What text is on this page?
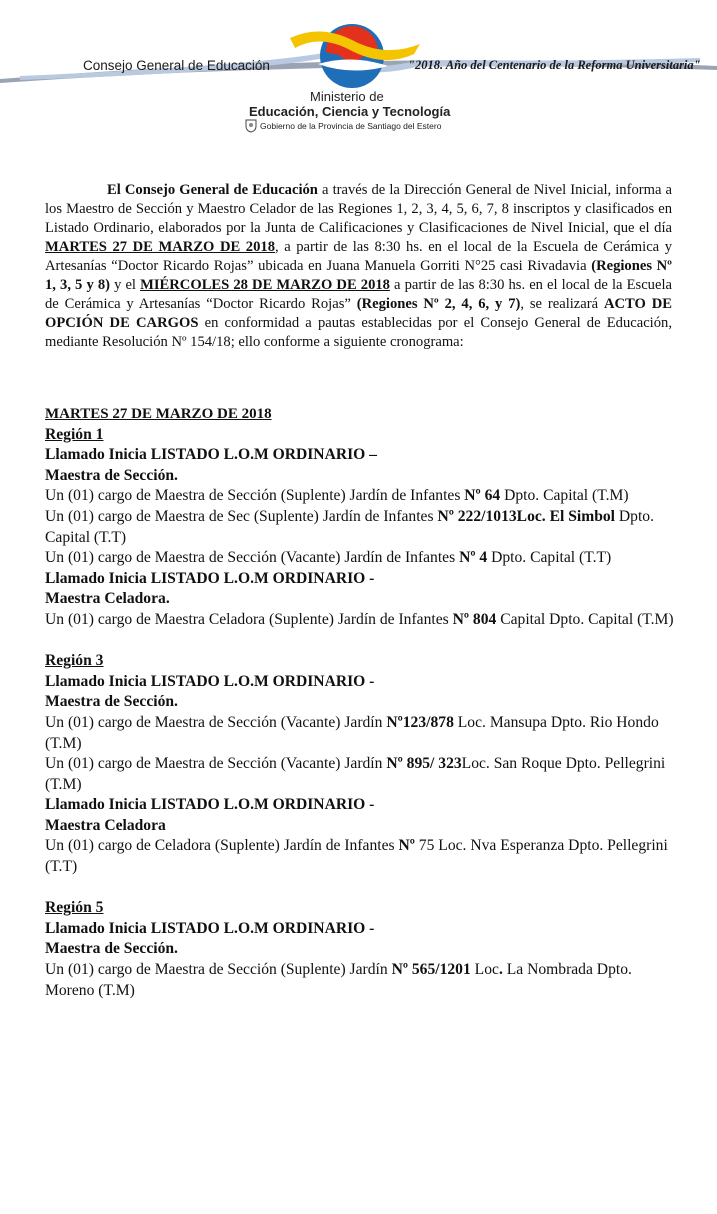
Consejo General de Educación	"2018. Año del Centenario de la Reforma Universitaria"
Ministerio de
Educación, Ciencia y Tecnología
Gobierno de la Provincia de Santiago del Estero
El Consejo General de Educación a través de la Dirección General de Nivel Inicial, informa a los Maestro de Sección y Maestro Celador de las Regiones 1, 2, 3, 4, 5, 6, 7, 8 inscriptos y clasificados en Listado Ordinario, elaborados por la Junta de Calificaciones y Clasificaciones de Nivel Inicial, que el día MARTES 27 DE MARZO DE 2018, a partir de las 8:30 hs. en el local de la Escuela de Cerámica y Artesanías “Doctor Ricardo Rojas” ubicada en Juana Manuela Gorriti N°25 casi Rivadavia (Regiones Nº 1, 3, 5 y 8) y el MIÉRCOLES 28 DE MARZO DE 2018 a partir de las 8:30 hs. en el local de la Escuela de Cerámica y Artesanías “Doctor Ricardo Rojas” (Regiones Nº 2, 4, 6, y 7), se realizará ACTO DE OPCIÓN DE CARGOS en conformidad a pautas establecidas por el Consejo General de Educación, mediante Resolución Nº 154/18; ello conforme a siguiente cronograma:

MARTES 27 DE MARZO DE 2018

Región 1

Llamado Inicia LISTADO L.O.M ORDINARIO –

Maestra de Sección.

Un (01) cargo de Maestra de Sección (Suplente) Jardín de Infantes Nº 64 Dpto. Capital (T.M)

Un (01) cargo de Maestra de Sec (Suplente) Jardín de Infantes Nº 222/1013Loc. El Simbol Dpto. Capital (T.T)

Un (01) cargo de Maestra de Sección (Vacante) Jardín de Infantes Nº 4 Dpto. Capital (T.T)

Llamado Inicia LISTADO L.O.M ORDINARIO -

Maestra Celadora.

Un (01) cargo de Maestra Celadora (Suplente) Jardín de Infantes Nº 804 Capital Dpto. Capital (T.M)

Región 3

Llamado Inicia LISTADO L.O.M ORDINARIO -

Maestra de Sección.

Un (01) cargo de Maestra de Sección (Vacante) Jardín Nº123/878 Loc. Mansupa Dpto. Rio Hondo (T.M)

Un (01) cargo de Maestra de Sección (Vacante) Jardín Nº 895/ 323Loc. San Roque Dpto. Pellegrini (T.M)

Llamado Inicia LISTADO L.O.M ORDINARIO -

Maestra Celadora

Un (01) cargo de Celadora (Suplente) Jardín de Infantes Nº 75 Loc. Nva Esperanza Dpto. Pellegrini (T.T)

Región 5

Llamado Inicia LISTADO L.O.M ORDINARIO -

Maestra de Sección.

Un (01) cargo de Maestra de Sección (Suplente) Jardín Nº 565/1201 Loc. La Nombrada Dpto. Moreno (T.M)
